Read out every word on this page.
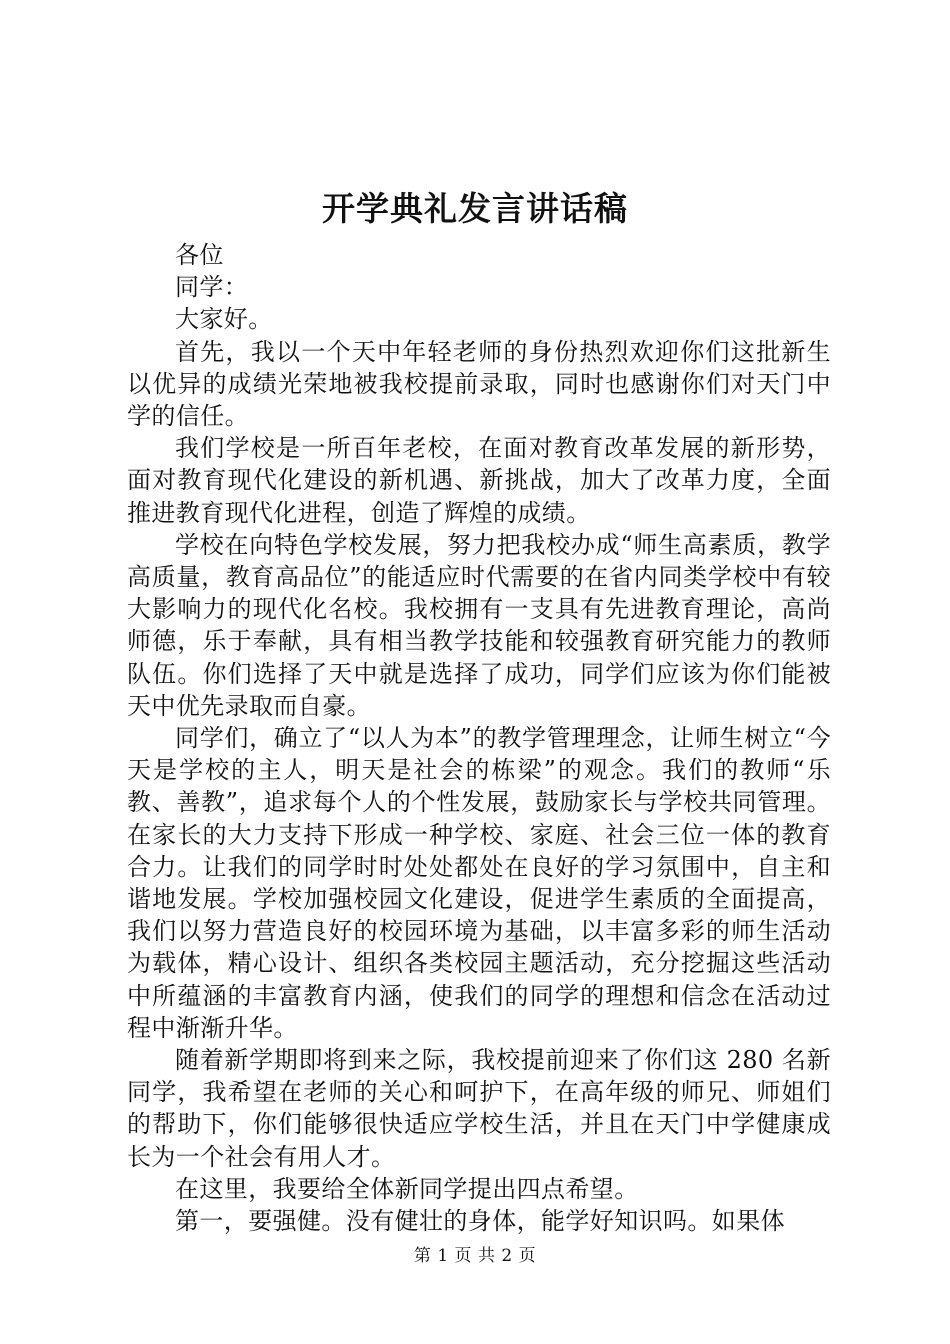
开学典礼发言讲话稿

各位

同学：

大家好。

首先，我以一个天中年轻老师的身份热烈欢迎你们这批新生以优异的成绩光荣地被我校提前录取，同时也感谢你们对天门中学的信任。

我们学校是一所百年老校，在面对教育改革发展的新形势，面对教育现代化建设的新机遇、新挑战，加大了改革力度，全面推进教育现代化进程，创造了辉煌的成绩。

学校在向特色学校发展，努力把我校办成“师生高素质，教学高质量，教育高品位”的能适应时代需要的在省内同类学校中有较大影响力的现代化名校。我校拥有一支具有先进教育理论，高尚师德，乐于奉献，具有相当教学技能和较强教育研究能力的教师队伍。你们选择了天中就是选择了成功，同学们应该为你们能被天中优先录取而自豪。

同学们，确立了“以人为本”的教学管理理念，让师生树立“今天是学校的主人，明天是社会的栋梁”的观念。我们的教师“乐教、善教”，追求每个人的个性发展，鼓励家长与学校共同管理。在家长的大力支持下形成一种学校、家庭、社会三位一体的教育合力。让我们的同学时时处处都处在良好的学习氛围中，自主和谐地发展。学校加强校园文化建设，促进学生素质的全面提高，我们以努力营造良好的校园环境为基础，以丰富多彩的师生活动为载体，精心设计、组织各类校园主题活动，充分挖掘这些活动中所蕴涵的丰富教育内涵，使我们的同学的理想和信念在活动过程中渐渐升华。

随着新学期即将到来之际，我校提前迎来了你们这 280 名新同学，我希望在老师的关心和呵护下，在高年级的师兄、师姐们的帮助下，你们能够很快适应学校生活，并且在天门中学健康成长为一个社会有用人才。

在这里，我要给全体新同学提出四点希望。

第一，要强健。没有健壮的身体，能学好知识吗。如果体

第 1 页 共 2 页
